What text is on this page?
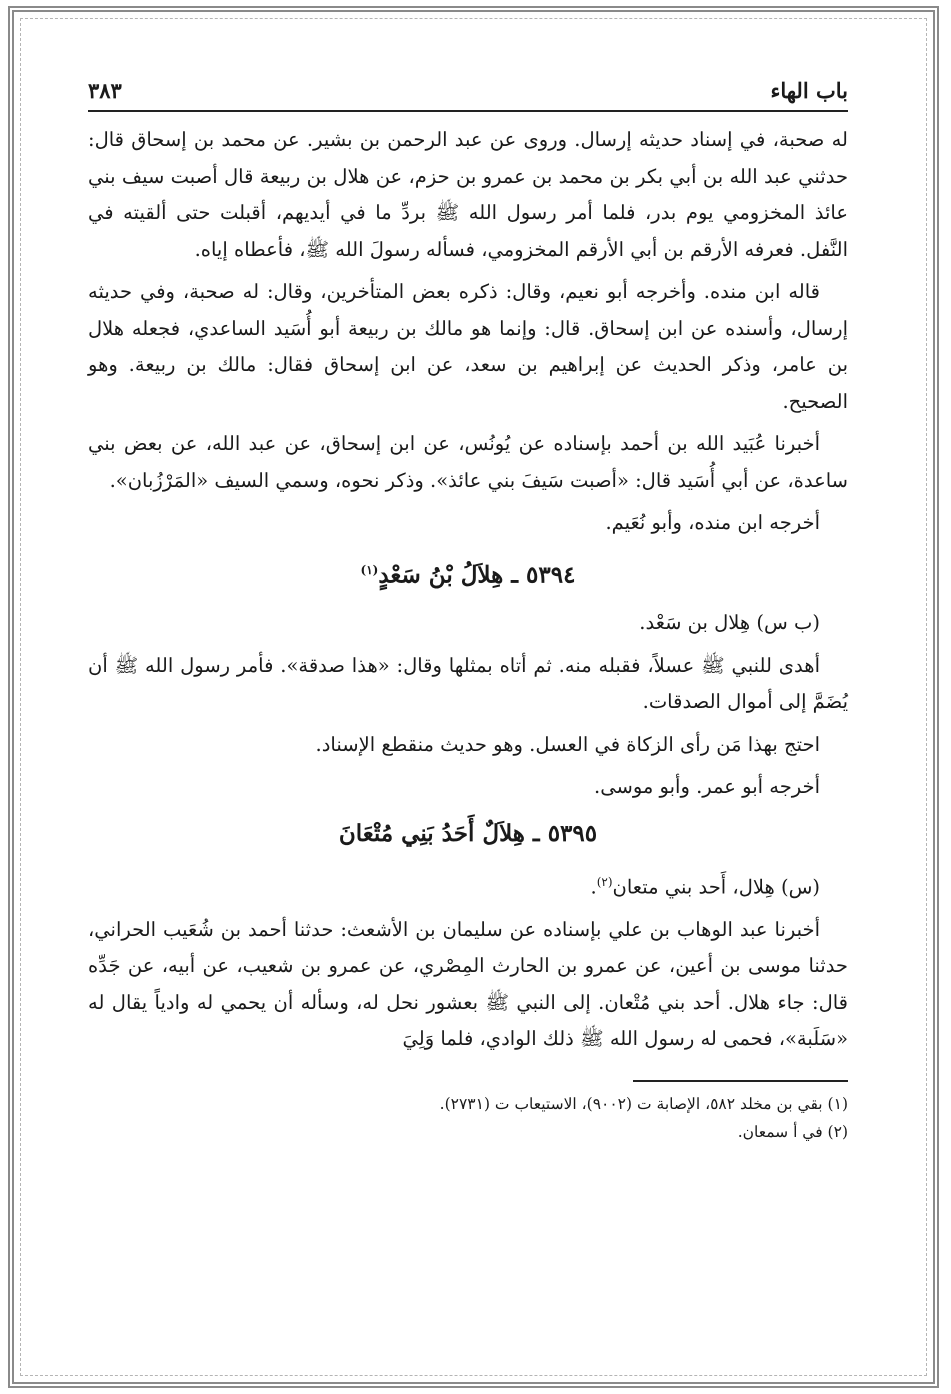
باب الهاء
٣٨٣

له صحبة، في إسناد حديثه إرسال. وروى عن عبد الرحمن بن بشير. عن محمد بن إسحاق قال: حدثني عبد الله بن أبي بكر بن محمد بن عمرو بن حزم، عن هلال بن ربيعة قال أصبت سيف بني عائذ المخزومي يوم بدر، فلما أمر رسول الله ﷺ بردِّ ما في أيديهم، أقبلت حتى ألقيته في النَّفل. فعرفه الأرقم بن أبي الأرقم المخزومي، فسأله رسولَ الله ﷺ، فأعطاه إياه.

قاله ابن منده. وأخرجه أبو نعيم، وقال: ذكره بعض المتأخرين، وقال: له صحبة، وفي حديثه إرسال، وأسنده عن ابن إسحاق. قال: وإنما هو مالك بن ربيعة أبو أُسَيد الساعدي، فجعله هلال بن عامر، وذكر الحديث عن إبراهيم بن سعد، عن ابن إسحاق فقال: مالك بن ربيعة. وهو الصحيح.

أخبرنا عُبَيد الله بن أحمد بإسناده عن يُونُس، عن ابن إسحاق، عن عبد الله، عن بعض بني ساعدة، عن أبي أُسَيد قال: «أصبت سَيفَ بني عائذ». وذكر نحوه، وسمي السيف «المَرْزُبان».

أخرجه ابن منده، وأبو نُعَيم.

٥٣٩٤ ـ هِلاَلُ بْنُ سَعْدٍ$^{(١)}$

(ب س) هِلال بن سَعْد.

أهدى للنبي ﷺ عسلاً، فقبله منه. ثم أتاه بمثلها وقال: «هذا صدقة». فأمر رسول الله ﷺ أن يُضَمَّ إلى أموال الصدقات.

احتج بهذا مَن رأى الزكاة في العسل. وهو حديث منقطع الإسناد.

أخرجه أبو عمر. وأبو موسى.

٥٣٩٥ ـ هِلاَلٌ أَحَدُ بَنِي مُتْعَانَ

(س) هِلال، أَحد بني متعان$^{(٢)}$.

أخبرنا عبد الوهاب بن علي بإسناده عن سليمان بن الأشعث: حدثنا أحمد بن شُعَيب الحراني، حدثنا موسى بن أعين، عن عمرو بن الحارث المِصْري، عن عمرو بن شعيب، عن أبيه، عن جَدِّه قال: جاء هلال. أحد بني مُتْعان. إلى النبي ﷺ بعشور نحل له، وسأله أن يحمي له وادياً يقال له «سَلَبة»، فحمى له رسول الله ﷺ ذلك الوادي، فلما وَلِيَ

(١) بقي بن مخلد ٥٨٢، الإصابة ت (٩٠٠٢)، الاستيعاب ت (٢٧٣١).
(٢) في أ سمعان.
